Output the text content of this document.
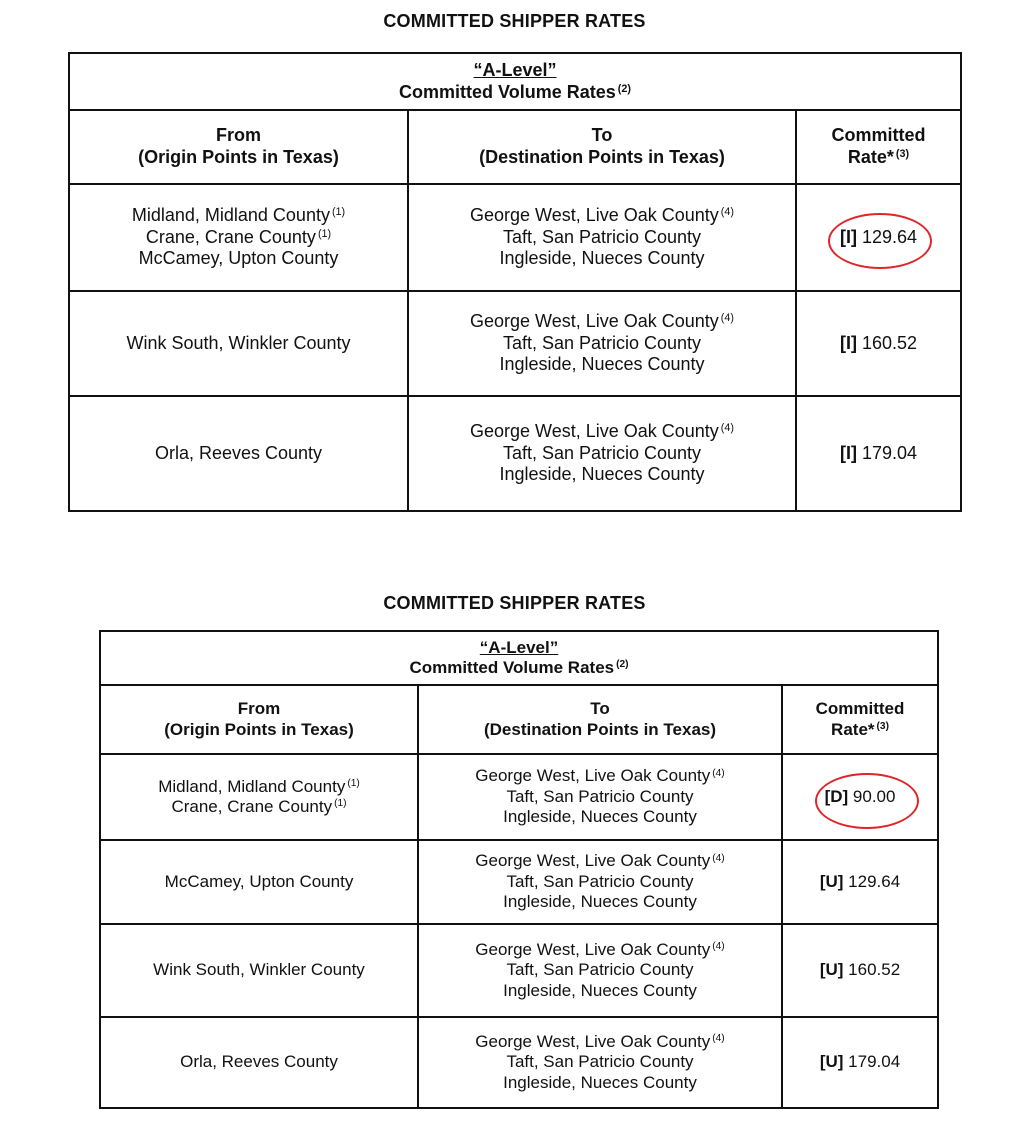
COMMITTED SHIPPER RATES
“A-Level”
Committed Volume Rates $^{(2)}$

From
(Origin Points in Texas)	To
(Destination Points in Texas)	Committed
Rate* $^{(3)}$

Midland, Midland County $^{(1)}$
Crane, Crane County $^{(1)}$
McCamey, Upton County	George West, Live Oak County $^{(4)}$
Taft, San Patricio County
Ingleside, Nueces County	[I] 129.64

Wink South, Winkler County	George West, Live Oak County $^{(4)}$
Taft, San Patricio County
Ingleside, Nueces County	[I] 160.52

Orla, Reeves County	George West, Live Oak County $^{(4)}$
Taft, San Patricio County
Ingleside, Nueces County	[I] 179.04
COMMITTED SHIPPER RATES
“A-Level”
Committed Volume Rates $^{(2)}$

From
(Origin Points in Texas)	To
(Destination Points in Texas)	Committed
Rate* $^{(3)}$

Midland, Midland County $^{(1)}$
Crane, Crane County $^{(1)}$	George West, Live Oak County $^{(4)}$
Taft, San Patricio County
Ingleside, Nueces County	[D] 90.00

McCamey, Upton County	George West, Live Oak County $^{(4)}$
Taft, San Patricio County
Ingleside, Nueces County	[U] 129.64

Wink South, Winkler County	George West, Live Oak County $^{(4)}$
Taft, San Patricio County
Ingleside, Nueces County	[U] 160.52

Orla, Reeves County	George West, Live Oak County $^{(4)}$
Taft, San Patricio County
Ingleside, Nueces County	[U] 179.04
